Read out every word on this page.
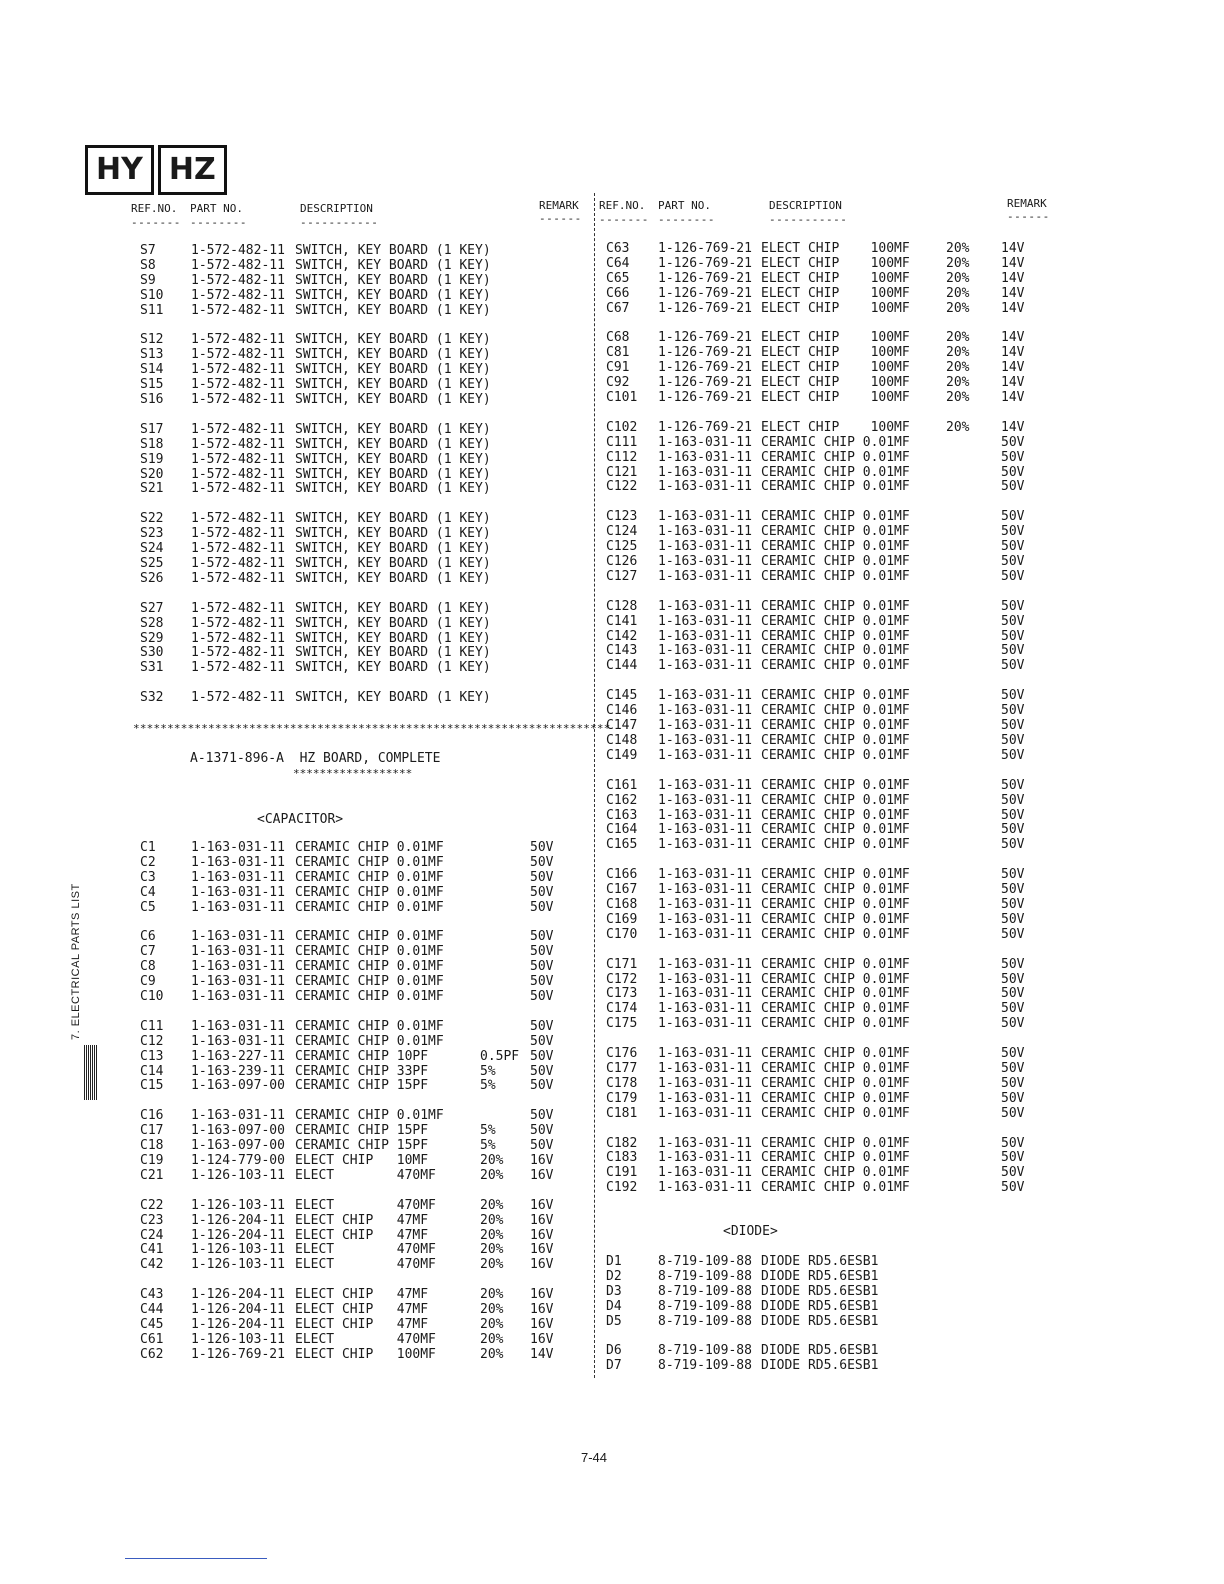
HY HZ
REF.NO. PART NO.	DESCRIPTION	REMARK
------- --------	-----------	------
REF.NO. PART NO.	DESCRIPTION	REMARK
------- --------	-----------	------
S7	1-572-482-11 SWITCH, KEY BOARD (1 KEY)
S8	1-572-482-11 SWITCH, KEY BOARD (1 KEY)
S9	1-572-482-11 SWITCH, KEY BOARD (1 KEY)
S10 1-572-482-11 SWITCH, KEY BOARD (1 KEY)
S11 1-572-482-11 SWITCH, KEY BOARD (1 KEY)
S12 1-572-482-11 SWITCH, KEY BOARD (1 KEY)
S13 1-572-482-11 SWITCH, KEY BOARD (1 KEY)
S14 1-572-482-11 SWITCH, KEY BOARD (1 KEY)
S15 1-572-482-11 SWITCH, KEY BOARD (1 KEY)
S16 1-572-482-11 SWITCH, KEY BOARD (1 KEY)
S17 1-572-482-11 SWITCH, KEY BOARD (1 KEY)
S18 1-572-482-11 SWITCH, KEY BOARD (1 KEY)
S19 1-572-482-11 SWITCH, KEY BOARD (1 KEY)
S20 1-572-482-11 SWITCH, KEY BOARD (1 KEY)
S21 1-572-482-11 SWITCH, KEY BOARD (1 KEY)
S22 1-572-482-11 SWITCH, KEY BOARD (1 KEY)
S23 1-572-482-11 SWITCH, KEY BOARD (1 KEY)
S24 1-572-482-11 SWITCH, KEY BOARD (1 KEY)
S25 1-572-482-11 SWITCH, KEY BOARD (1 KEY)
S26 1-572-482-11 SWITCH, KEY BOARD (1 KEY)
S27 1-572-482-11 SWITCH, KEY BOARD (1 KEY)
S28 1-572-482-11 SWITCH, KEY BOARD (1 KEY)
S29 1-572-482-11 SWITCH, KEY BOARD (1 KEY)
S30 1-572-482-11 SWITCH, KEY BOARD (1 KEY)
S31 1-572-482-11 SWITCH, KEY BOARD (1 KEY)
S32 1-572-482-11 SWITCH, KEY BOARD (1 KEY)
**********************************************************************
A-1371-896-A HZ BOARD, COMPLETE
******************
<CAPACITOR>
C1	1-163-031-11 CERAMIC CHIP 0.01MF	50V
C2	1-163-031-11 CERAMIC CHIP 0.01MF	50V
C3	1-163-031-11 CERAMIC CHIP 0.01MF	50V
C4	1-163-031-11 CERAMIC CHIP 0.01MF	50V
C5	1-163-031-11 CERAMIC CHIP 0.01MF	50V
C6	1-163-031-11 CERAMIC CHIP 0.01MF	50V
C7	1-163-031-11 CERAMIC CHIP 0.01MF	50V
C8	1-163-031-11 CERAMIC CHIP 0.01MF	50V
C9	1-163-031-11 CERAMIC CHIP 0.01MF	50V
C10 1-163-031-11 CERAMIC CHIP 0.01MF	50V
C11 1-163-031-11 CERAMIC CHIP 0.01MF	50V
C12 1-163-031-11 CERAMIC CHIP 0.01MF	50V
C13 1-163-227-11 CERAMIC CHIP 10PF	0.5PF 50V
C14 1-163-239-11 CERAMIC CHIP 33PF	5%	50V
C15 1-163-097-00 CERAMIC CHIP 15PF	5%	50V
C16 1-163-031-11 CERAMIC CHIP 0.01MF	50V
C17 1-163-097-00 CERAMIC CHIP 15PF	5%	50V
C18 1-163-097-00 CERAMIC CHIP 15PF	5%	50V
C19 1-124-779-00 ELECT CHIP   10MF	20% 16V
C21 1-126-103-11 ELECT        470MF	20% 16V
C22 1-126-103-11 ELECT        470MF	20% 16V
C23 1-126-204-11 ELECT CHIP   47MF	20% 16V
C24 1-126-204-11 ELECT CHIP   47MF	20% 16V
C41 1-126-103-11 ELECT        470MF	20% 16V
C42 1-126-103-11 ELECT        470MF	20% 16V
C43 1-126-204-11 ELECT CHIP   47MF	20% 16V
C44 1-126-204-11 ELECT CHIP   47MF	20% 16V
C45 1-126-204-11 ELECT CHIP   47MF	20% 16V
C61 1-126-103-11 ELECT        470MF	20% 16V
C62 1-126-769-21 ELECT CHIP   100MF	20% 14V
C63 1-126-769-21 ELECT CHIP    100MF	20% 14V
C64 1-126-769-21 ELECT CHIP    100MF	20% 14V
C65 1-126-769-21 ELECT CHIP    100MF	20% 14V
C66 1-126-769-21 ELECT CHIP    100MF	20% 14V
C67 1-126-769-21 ELECT CHIP    100MF	20% 14V
C68 1-126-769-21 ELECT CHIP    100MF	20% 14V
C81 1-126-769-21 ELECT CHIP    100MF	20% 14V
C91 1-126-769-21 ELECT CHIP    100MF	20% 14V
C92 1-126-769-21 ELECT CHIP    100MF	20% 14V
C101 1-126-769-21 ELECT CHIP    100MF	20% 14V
C102 1-126-769-21 ELECT CHIP    100MF	20% 14V
C111 1-163-031-11 CERAMIC CHIP 0.01MF	50V
C112 1-163-031-11 CERAMIC CHIP 0.01MF	50V
C121 1-163-031-11 CERAMIC CHIP 0.01MF	50V
C122 1-163-031-11 CERAMIC CHIP 0.01MF	50V
C123 1-163-031-11 CERAMIC CHIP 0.01MF	50V
C124 1-163-031-11 CERAMIC CHIP 0.01MF	50V
C125 1-163-031-11 CERAMIC CHIP 0.01MF	50V
C126 1-163-031-11 CERAMIC CHIP 0.01MF	50V
C127 1-163-031-11 CERAMIC CHIP 0.01MF	50V
C128 1-163-031-11 CERAMIC CHIP 0.01MF	50V
C141 1-163-031-11 CERAMIC CHIP 0.01MF	50V
C142 1-163-031-11 CERAMIC CHIP 0.01MF	50V
C143 1-163-031-11 CERAMIC CHIP 0.01MF	50V
C144 1-163-031-11 CERAMIC CHIP 0.01MF	50V
C145 1-163-031-11 CERAMIC CHIP 0.01MF	50V
C146 1-163-031-11 CERAMIC CHIP 0.01MF	50V
C147 1-163-031-11 CERAMIC CHIP 0.01MF	50V
C148 1-163-031-11 CERAMIC CHIP 0.01MF	50V
C149 1-163-031-11 CERAMIC CHIP 0.01MF	50V
C161 1-163-031-11 CERAMIC CHIP 0.01MF	50V
C162 1-163-031-11 CERAMIC CHIP 0.01MF	50V
C163 1-163-031-11 CERAMIC CHIP 0.01MF	50V
C164 1-163-031-11 CERAMIC CHIP 0.01MF	50V
C165 1-163-031-11 CERAMIC CHIP 0.01MF	50V
C166 1-163-031-11 CERAMIC CHIP 0.01MF	50V
C167 1-163-031-11 CERAMIC CHIP 0.01MF	50V
C168 1-163-031-11 CERAMIC CHIP 0.01MF	50V
C169 1-163-031-11 CERAMIC CHIP 0.01MF	50V
C170 1-163-031-11 CERAMIC CHIP 0.01MF	50V
C171 1-163-031-11 CERAMIC CHIP 0.01MF	50V
C172 1-163-031-11 CERAMIC CHIP 0.01MF	50V
C173 1-163-031-11 CERAMIC CHIP 0.01MF	50V
C174 1-163-031-11 CERAMIC CHIP 0.01MF	50V
C175 1-163-031-11 CERAMIC CHIP 0.01MF	50V
C176 1-163-031-11 CERAMIC CHIP 0.01MF	50V
C177 1-163-031-11 CERAMIC CHIP 0.01MF	50V
C178 1-163-031-11 CERAMIC CHIP 0.01MF	50V
C179 1-163-031-11 CERAMIC CHIP 0.01MF	50V
C181 1-163-031-11 CERAMIC CHIP 0.01MF	50V
C182 1-163-031-11 CERAMIC CHIP 0.01MF	50V
C183 1-163-031-11 CERAMIC CHIP 0.01MF	50V
C191 1-163-031-11 CERAMIC CHIP 0.01MF	50V
C192 1-163-031-11 CERAMIC CHIP 0.01MF	50V
<DIODE>
D1	8-719-109-88 DIODE RD5.6ESB1
D2	8-719-109-88 DIODE RD5.6ESB1
D3	8-719-109-88 DIODE RD5.6ESB1
D4	8-719-109-88 DIODE RD5.6ESB1
D5	8-719-109-88 DIODE RD5.6ESB1
D6	8-719-109-88 DIODE RD5.6ESB1
D7	8-719-109-88 DIODE RD5.6ESB1
7. ELECTRICAL PARTS LIST
7-44
